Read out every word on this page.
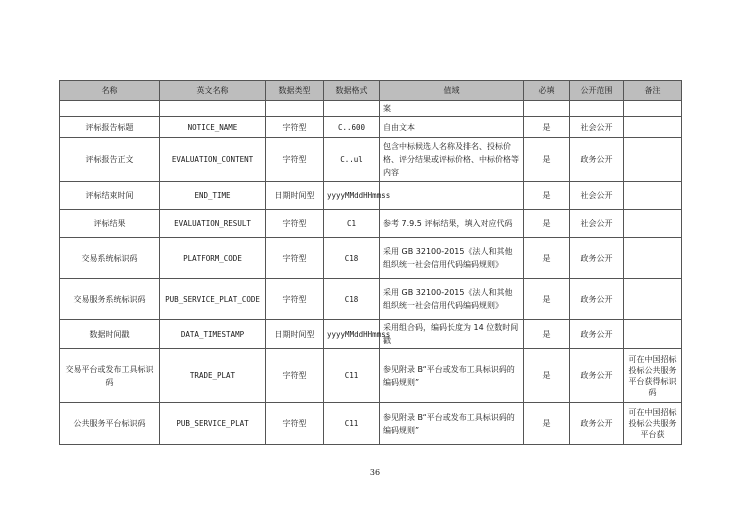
名称	英文名称	数据类型	数据格式	值域	必填	公开范围	备注
				案			
评标报告标题	NOTICE_NAME	字符型	C..600	自由文本	是	社会公开	
评标报告正文	EVALUATION_CONTENT	字符型	C..ul	包含中标候选人名称及排名、投标价格、评分结果或评标价格、中标价格等内容	是	政务公开	
评标结束时间	END_TIME	日期时间型	yyyyMMddHHmmss		是	社会公开	
评标结果	EVALUATION_RESULT	字符型	C1	参考 7.9.5 评标结果，填入对应代码	是	社会公开	
交易系统标识码	PLATFORM_CODE	字符型	C18	采用 GB 32100-2015《法人和其他组织统一社会信用代码编码规则》	是	政务公开	
交易服务系统标识码	PUB_SERVICE_PLAT_CODE	字符型	C18	采用 GB 32100-2015《法人和其他组织统一社会信用代码编码规则》	是	政务公开	
数据时间戳	DATA_TIMESTAMP	日期时间型	yyyyMMddHHmmss	采用组合码，编码长度为 14 位数时间戳	是	政务公开	
交易平台或发布工具标识码	TRADE_PLAT	字符型	C11	参见附录 B“平台或发布工具标识码的编码规则”	是	政务公开	可在中国招标投标公共服务平台获得标识码
公共服务平台标识码	PUB_SERVICE_PLAT	字符型	C11	参见附录 B“平台或发布工具标识码的编码规则”	是	政务公开	可在中国招标投标公共服务平台获
36
